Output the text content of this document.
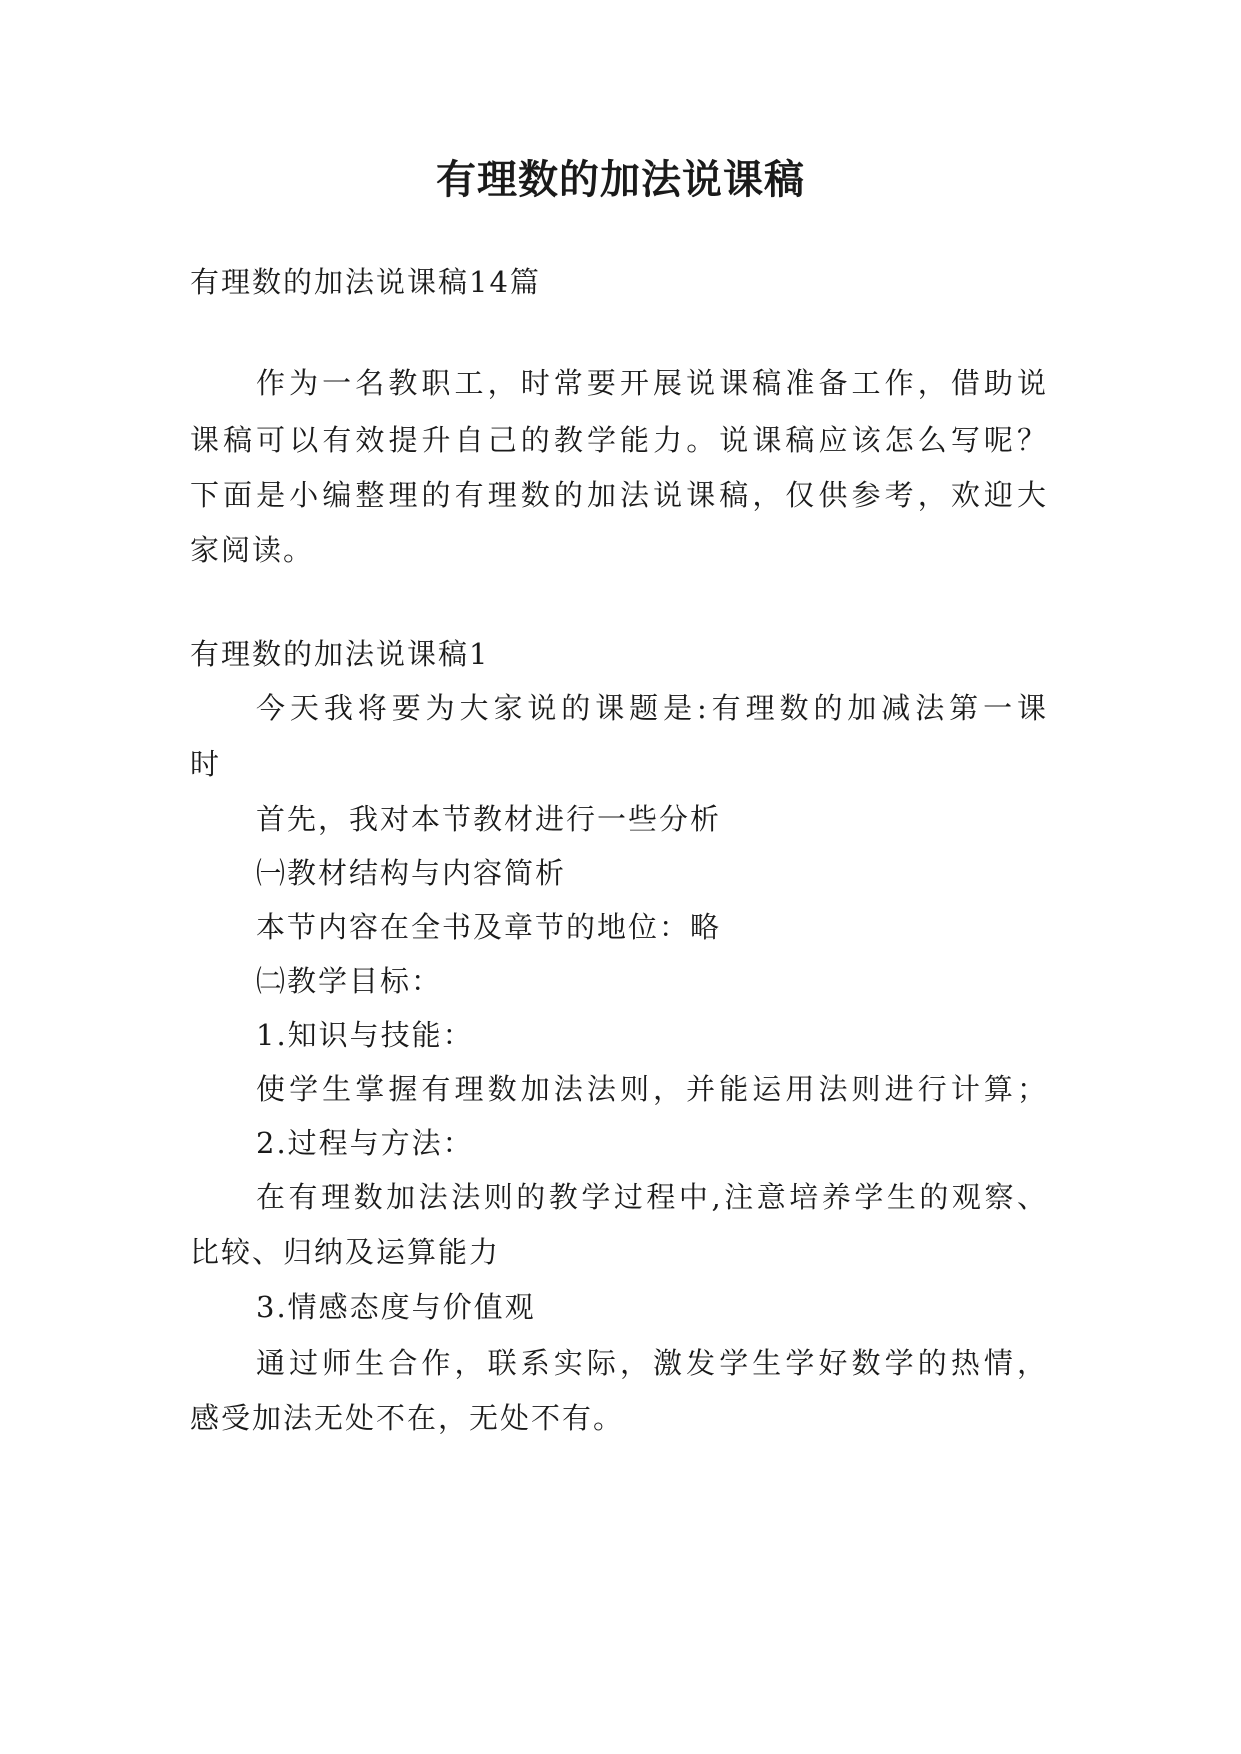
有理数的加法说课稿
有理数的加法说课稿14篇
作为一名教职工，时常要开展说课稿准备工作，借助说
课稿可以有效提升自己的教学能力。说课稿应该怎么写呢？
下面是小编整理的有理数的加法说课稿，仅供参考，欢迎大
家阅读。
有理数的加法说课稿1
今天我将要为大家说的课题是:有理数的加减法第一课
时
首先，我对本节教材进行一些分析
㈠教材结构与内容简析
本节内容在全书及章节的地位：略
㈡教学目标：
1.知识与技能：
使学生掌握有理数加法法则，并能运用法则进行计算；
2.过程与方法：
在有理数加法法则的教学过程中,注意培养学生的观察、
比较、归纳及运算能力
3.情感态度与价值观
通过师生合作，联系实际，激发学生学好数学的热情，
感受加法无处不在，无处不有。
